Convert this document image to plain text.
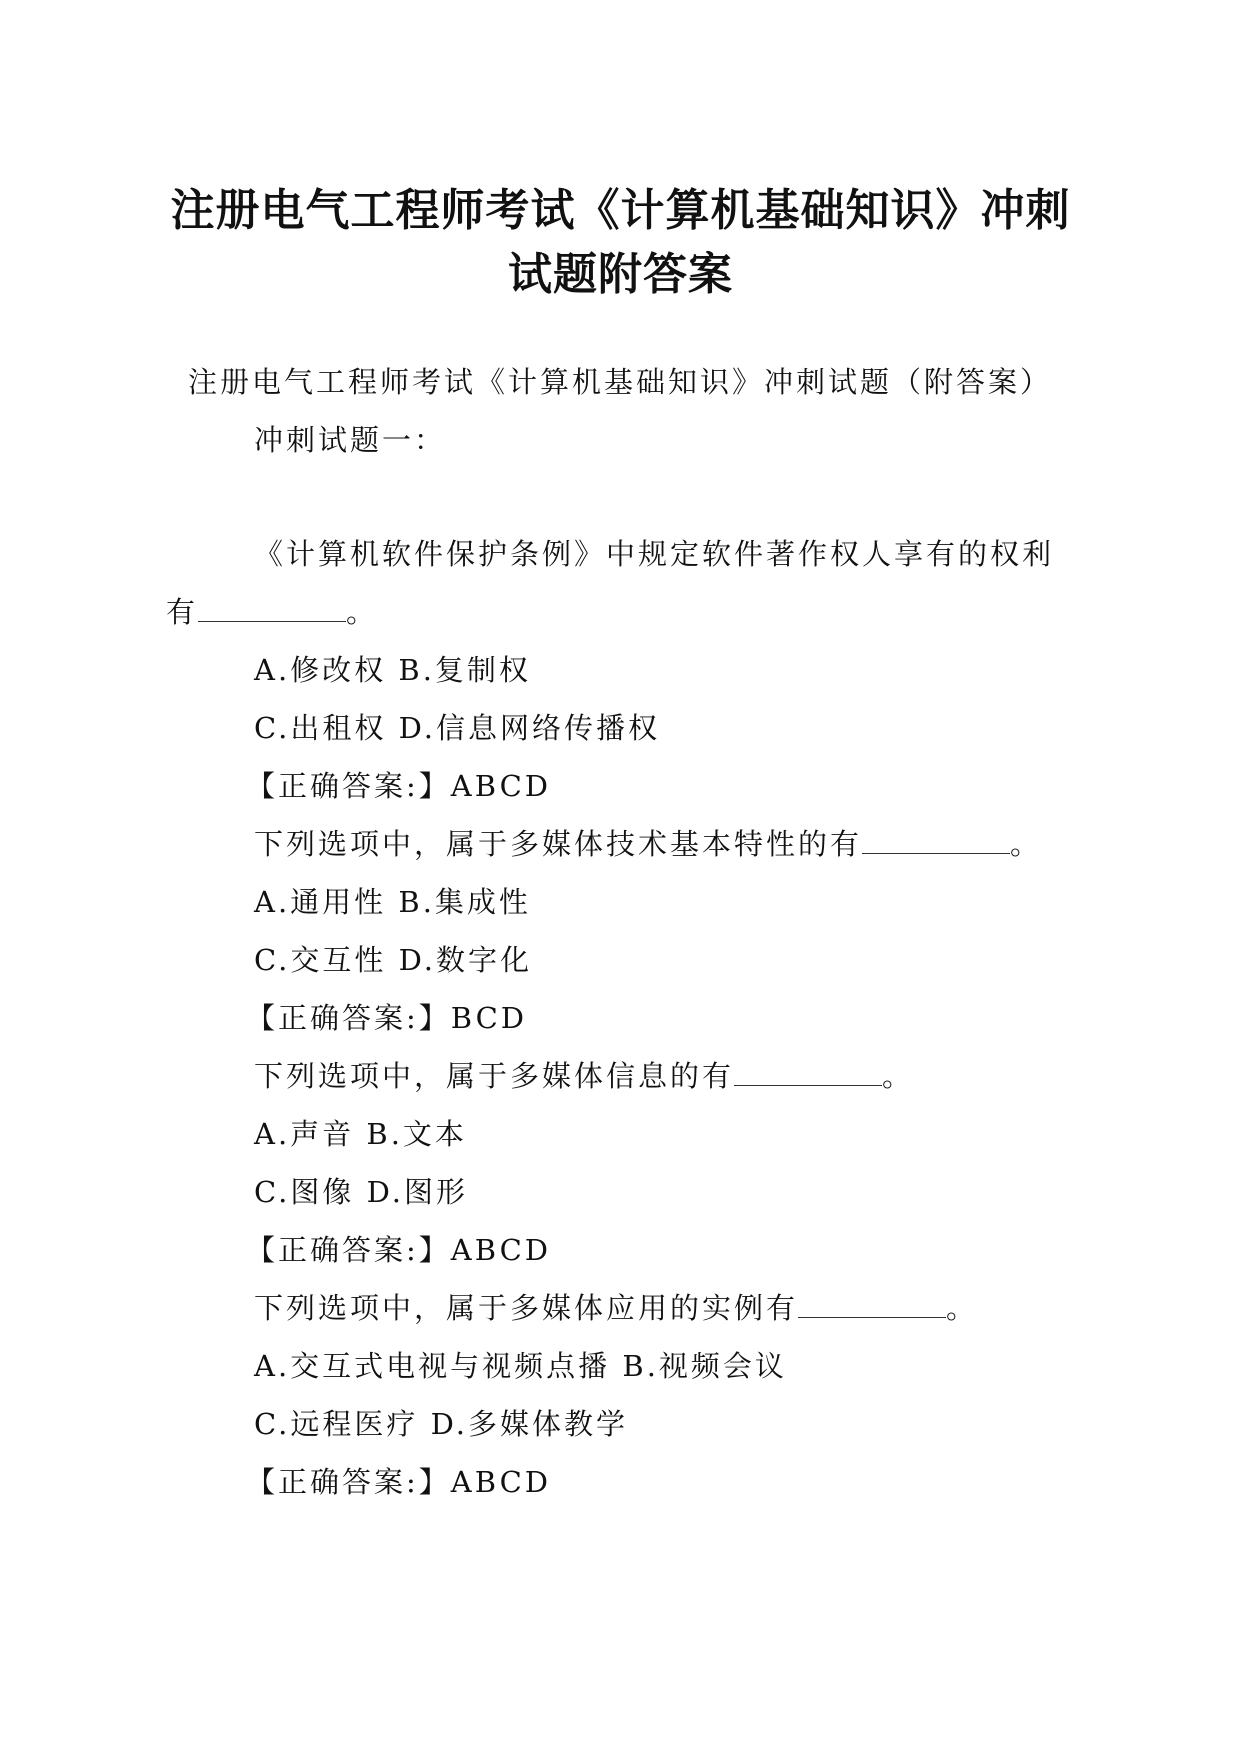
注册电气工程师考试《计算机基础知识》冲刺试题附答案

注册电气工程师考试《计算机基础知识》冲刺试题（附答案）

冲刺试题一：

《计算机软件保护条例》中规定软件著作权人享有的权利有	。

A.修改权 B.复制权

C.出租权 D.信息网络传播权

【正确答案:】ABCD

下列选项中，属于多媒体技术基本特性的有	。

A.通用性 B.集成性

C.交互性 D.数字化

【正确答案:】BCD

下列选项中，属于多媒体信息的有	。

A.声音 B.文本

C.图像 D.图形

【正确答案:】ABCD

下列选项中，属于多媒体应用的实例有	。

A.交互式电视与视频点播 B.视频会议

C.远程医疗 D.多媒体教学

【正确答案:】ABCD
